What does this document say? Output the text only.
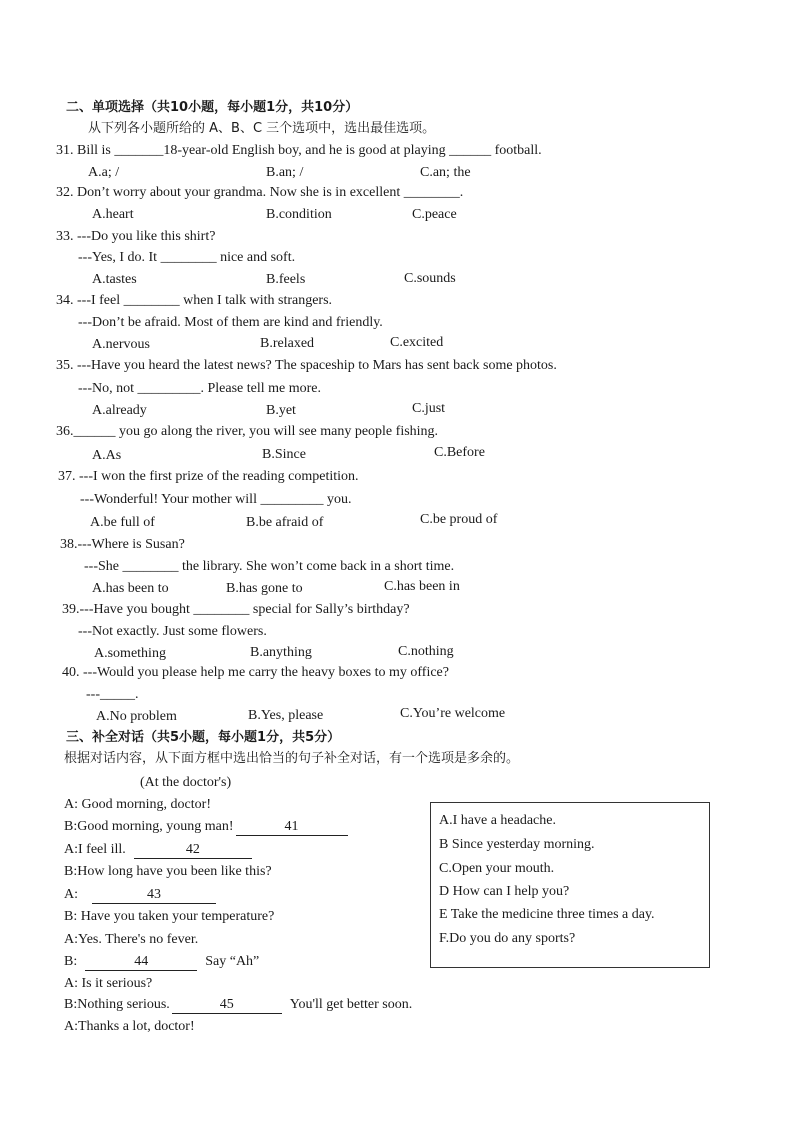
二、单项选择（共10小题，每小题1分，共10分）
从下列各小题所给的 A、B、C 三个选项中，选出最佳选项。
31. Bill is _______18-year-old English boy, and he is good at playing ______ football.
A.a; /	B.an; /	C.an; the
32. Don’t worry about your grandma. Now she is in excellent ________.
A.heart	B.condition	C.peace
33. ---Do you like this shirt?
---Yes, I do. It ________ nice and soft.
A.tastes	B.feels	C.sounds
34. ---I feel ________ when I talk with strangers.
---Don’t be afraid. Most of them are kind and friendly.
A.nervous	B.relaxed	C.excited
35. ---Have you heard the latest news? The spaceship to Mars has sent back some photos.
---No, not _________. Please tell me more.
A.already	B.yet	C.just
36.______ you go along the river, you will see many people fishing.
A.As	B.Since	C.Before
37. ---I won the first prize of the reading competition.
---Wonderful! Your mother will _________ you.
A.be full of	B.be afraid of	C.be proud of
38.---Where is Susan?
---She ________ the library. She won’t come back in a short time.
A.has been to	B.has gone to	C.has been in
39.---Have you bought ________ special for Sally’s birthday?
---Not exactly. Just some flowers.
A.something	B.anything	C.nothing
40. ---Would you please help me carry the heavy boxes to my office?
---_____.
A.No problem	B.Yes, please	C.You’re welcome
三、补全对话（共5小题，每小题1分，共5分）
根据对话内容，从下面方框中选出恰当的句子补全对话，有一个选项是多余的。
(At the doctor's)
A: Good morning, doctor!
B:Good morning, young man!	41
A:I feel ill.	42
B:How long have you been like this?
A:	43
B: Have you taken your temperature?
A:Yes. There's no fever.
B:	44	Say “Ah”
A: Is it serious?
B:Nothing serious.	45	You'll get better soon.
A:Thanks a lot, doctor!
A.I have a headache.
B Since yesterday morning.
C.Open your mouth.
D How can I help you?
E Take the medicine three times a day.
F.Do you do any sports?
